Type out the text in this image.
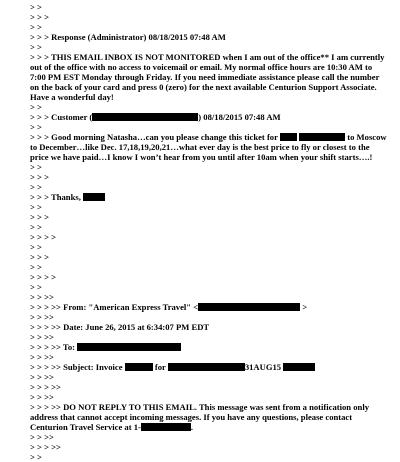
> >
> > >
> >
> > > Response (Administrator) 08/18/2015 07:48 AM
> >
> > > THIS EMAIL INBOX IS NOT MONITORED when I am out of the office** I am currently out of the office with no access to voicemail or email. My normal office hours are 10:30 AM to 7:00 PM EST Monday through Friday. If you need immediate assistance please call the number on the back of your card and press 0 (zero) for the next available Centurion Support Associate. Have a wonderful day!
> >
> > > Customer (	) 08/18/2015 07:48 AM
> >
> > > Good morning Natasha…can you please change this ticket for	to Moscow to December…like Dec. 17,18,19,20,21…what ever day is the best price to fly or closest to the price we have paid…I know I won’t hear from you until after 10am when your shift starts….!
> >
> > >
> >
> > > Thanks,
> >
> > >
> >
> > > >
> >
> > >
> >
> > > >
> >
> > >>
> > > >> From: "American Express Travel" <	>
> > >>
> > > >> Date: June 26, 2015 at 6:34:07 PM EDT
> > >>
> > > >> To:
> > >>
> > > >> Subject: Invoice	for	31AUG15
> > >>
> > > >>
> > >>
> > > >> DO NOT REPLY TO THIS EMAIL. This message was sent from a notification only address that cannot accept incoming messages. If you have any questions, please contact Centurion Travel Service at 1-	.
> > >>
> > > >>
> >
